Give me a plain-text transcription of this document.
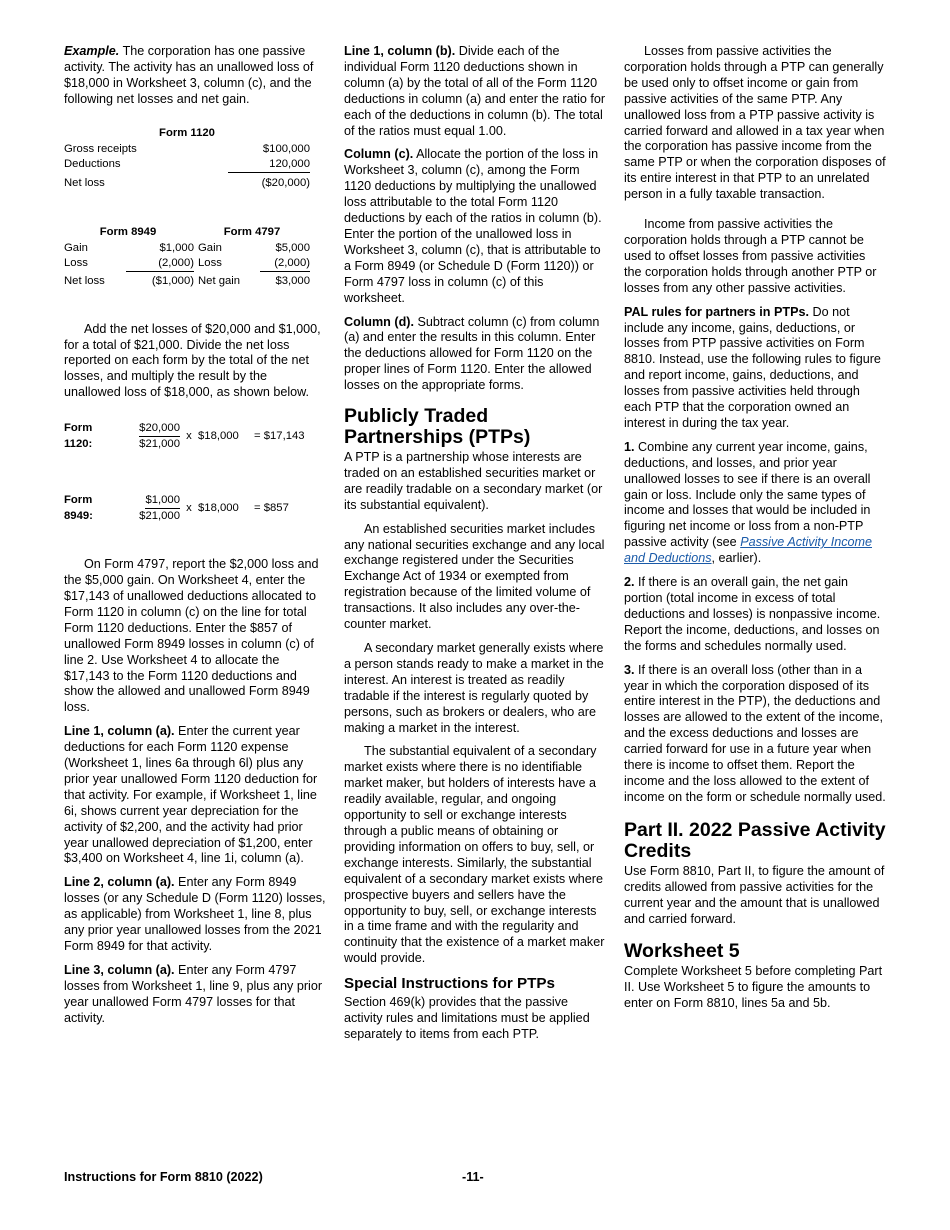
Example. The corporation has one passive activity. The activity has an unallowed loss of $18,000 in Worksheet 3, column (c), and the following net losses and net gain.

Form 1120
Gross receipts	$100,000
Deductions	120,000
Net loss	($20,000)
Form 8949	Form 4797
Gain	$1,000 Gain	$5,000
Loss	(2,000) Loss	(2,000)
Net loss	($1,000) Net gain	$3,000

Add the net losses of $20,000 and $1,000, for a total of $21,000. Divide the net loss reported on each form by the total of the net losses, and multiply the result by the unallowed loss of $18,000, as shown below.

Form
1120:	$\frac{\$20,000}{\$21,000}$ x $18,000	= $17,143
Form
8949:	$\frac{\$1,000}{\$21,000}$ x $18,000	= $857

On Form 4797, report the $2,000 loss and the $5,000 gain. On Worksheet 4, enter the $17,143 of unallowed deductions allocated to Form 1120 in column (c) on the line for total Form 1120 deductions. Enter the $857 of unallowed Form 8949 losses in column (c) of line 2. Use Worksheet 4 to allocate the $17,143 to the Form 1120 deductions and show the allowed and unallowed Form 8949 loss.

Line 1, column (a). Enter the current year deductions for each Form 1120 expense (Worksheet 1, lines 6a through 6l) plus any prior year unallowed Form 1120 deduction for that activity. For example, if Worksheet 1, line 6i, shows current year depreciation for the activity of $2,200, and the activity had prior year unallowed depreciation of $1,200, enter $3,400 on Worksheet 4, line 1i, column (a).

Line 2, column (a). Enter any Form 8949 losses (or any Schedule D (Form 1120) losses, as applicable) from Worksheet 1, line 8, plus any prior year unallowed losses from the 2021 Form 8949 for that activity.

Line 3, column (a). Enter any Form 4797 losses from Worksheet 1, line 9, plus any prior year unallowed Form 4797 losses for that activity.

Line 1, column (b). Divide each of the individual Form 1120 deductions shown in column (a) by the total of all of the Form 1120 deductions in column (a) and enter the ratio for each of the deductions in column (b). The total of the ratios must equal 1.00.

Column (c). Allocate the portion of the loss in Worksheet 3, column (c), among the Form 1120 deductions by multiplying the unallowed loss attributable to the total Form 1120 deductions by each of the ratios in column (b). Enter the portion of the unallowed loss in Worksheet 3, column (c), that is attributable to a Form 8949 (or Schedule D (Form 1120)) or Form 4797 loss in column (c) of this worksheet.

Column (d). Subtract column (c) from column (a) and enter the results in this column. Enter the deductions allowed for Form 1120 on the proper lines of Form 1120. Enter the allowed losses on the appropriate forms.

Publicly Traded Partnerships (PTPs)

A PTP is a partnership whose interests are traded on an established securities market or are readily tradable on a secondary market (or its substantial equivalent).

An established securities market includes any national securities exchange and any local exchange registered under the Securities Exchange Act of 1934 or exempted from registration because of the limited volume of transactions. It also includes any over-the-counter market.

A secondary market generally exists where a person stands ready to make a market in the interest. An interest is treated as readily tradable if the interest is regularly quoted by persons, such as brokers or dealers, who are making a market in the interest.

The substantial equivalent of a secondary market exists where there is no identifiable market maker, but holders of interests have a readily available, regular, and ongoing opportunity to sell or exchange interests through a public means of obtaining or providing information on offers to buy, sell, or exchange interests. Similarly, the substantial equivalent of a secondary market exists where prospective buyers and sellers have the opportunity to buy, sell, or exchange interests in a time frame and with the regularity and continuity that the existence of a market maker would provide.

Special Instructions for PTPs

Section 469(k) provides that the passive activity rules and limitations must be applied separately to items from each PTP.

Losses from passive activities the corporation holds through a PTP can generally be used only to offset income or gain from passive activities of the same PTP. Any unallowed loss from a PTP passive activity is carried forward and allowed in a tax year when the corporation has passive income from the same PTP or when the corporation disposes of its entire interest in that PTP to an unrelated person in a fully taxable transaction.

Income from passive activities the corporation holds through a PTP cannot be used to offset losses from passive activities the corporation holds through another PTP or losses from any other passive activities.

PAL rules for partners in PTPs. Do not include any income, gains, deductions, or losses from PTP passive activities on Form 8810. Instead, use the following rules to figure and report income, gains, deductions, and losses from passive activities held through each PTP that the corporation owned an interest in during the tax year.

1. Combine any current year income, gains, deductions, and losses, and prior year unallowed losses to see if there is an overall gain or loss. Include only the same types of income and losses that would be included in figuring net income or loss from a non-PTP passive activity (see Passive Activity Income and Deductions, earlier).

2. If there is an overall gain, the net gain portion (total income in excess of total deductions and losses) is nonpassive income. Report the income, deductions, and losses on the forms and schedules normally used.

3. If there is an overall loss (other than in a year in which the corporation disposed of its entire interest in the PTP), the deductions and losses are allowed to the extent of the income, and the excess deductions and losses are carried forward for use in a future year when there is income to offset them. Report the income and the loss allowed to the extent of income on the form or schedule normally used.

Part II. 2022 Passive Activity Credits

Use Form 8810, Part II, to figure the amount of credits allowed from passive activities for the current year and the amount that is unallowed and carried forward.

Worksheet 5

Complete Worksheet 5 before completing Part II. Use Worksheet 5 to figure the amounts to enter on Form 8810, lines 5a and 5b.

Instructions for Form 8810 (2022)	-11-
